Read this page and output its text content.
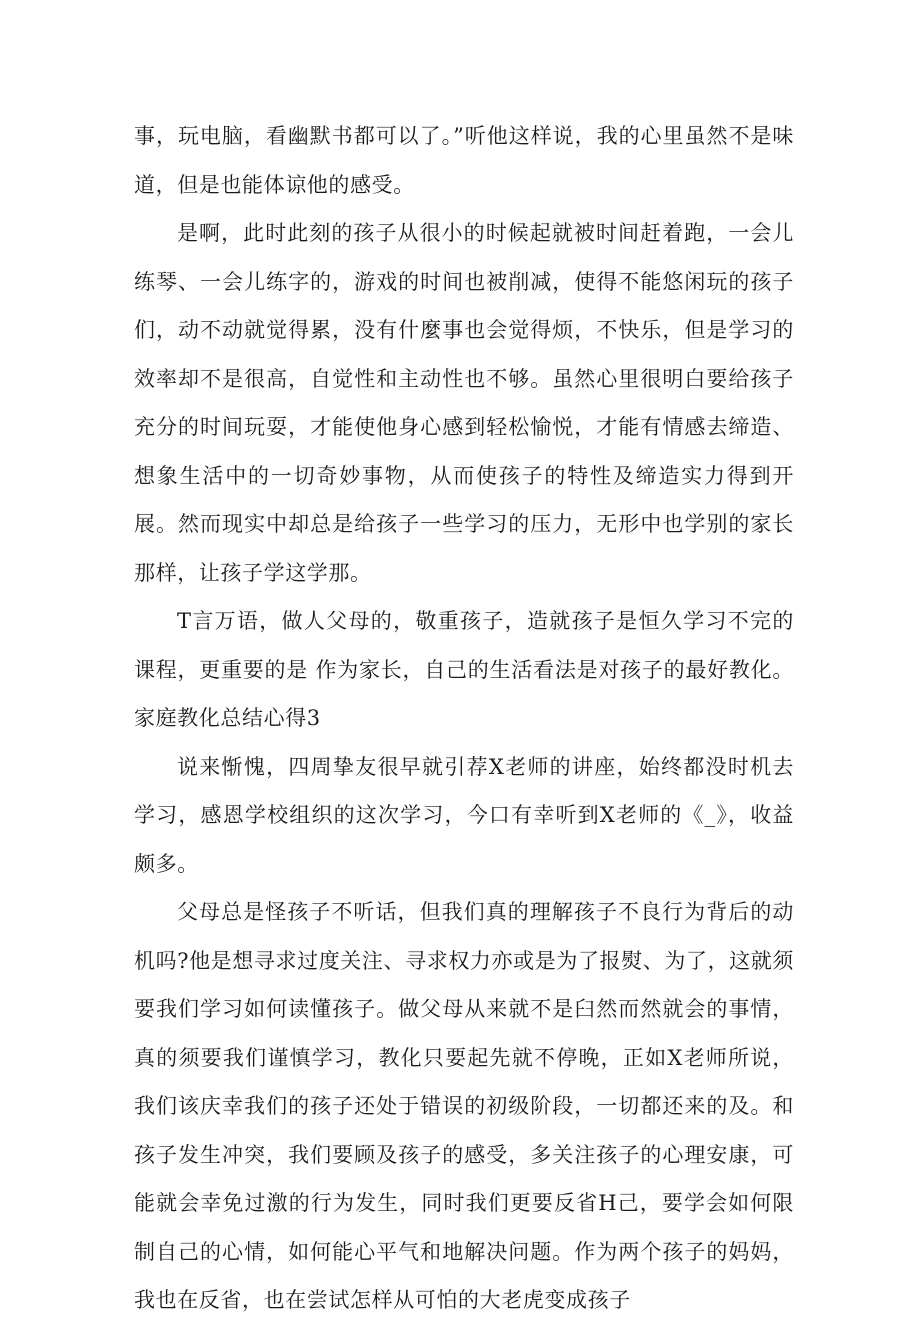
事，玩电脑，看幽默书都可以了。”听他这样说，我的心里虽然不是味道，但是也能体谅他的感受。

是啊，此时此刻的孩子从很小的时候起就被时间赶着跑，一会儿练琴、一会儿练字的，游戏的时间也被削减，使得不能悠闲玩的孩子们，动不动就觉得累，没有什麼事也会觉得烦，不快乐，但是学习的效率却不是很高，自觉性和主动性也不够。虽然心里很明白要给孩子充分的时间玩耍，才能使他身心感到轻松愉悦，才能有情感去缔造、想象生活中的一切奇妙事物，从而使孩子的特性及缔造实力得到开展。然而现实中却总是给孩子一些学习的压力，无形中也学别的家长那样，让孩子学这学那。

T言万语，做人父母的，敬重孩子，造就孩子是恒久学习不完的课程，更重要的是 作为家长，自己的生活看法是对孩子的最好教化。家庭教化总结心得3

说来惭愧，四周挚友很早就引荐X老师的讲座，始终都没时机去学习，感恩学校组织的这次学习，今口有幸听到X老师的《_》，收益颇多。

父母总是怪孩子不听话，但我们真的理解孩子不良行为背后的动机吗?他是想寻求过度关注、寻求权力亦或是为了报熨、为了，这就须要我们学习如何读懂孩子。做父母从来就不是臼然而然就会的事情，真的须要我们谨慎学习，教化只要起先就不停晚，正如X老师所说，我们该庆幸我们的孩子还处于错误的初级阶段，一切都还来的及。和孩子发生冲突，我们要顾及孩子的感受，多关注孩子的心理安康，可能就会幸免过激的行为发生，同时我们更要反省H己，要学会如何限制自己的心情，如何能心平气和地解决问题。作为两个孩子的妈妈，我也在反省，也在尝试怎样从可怕的大老虎变成孩子
